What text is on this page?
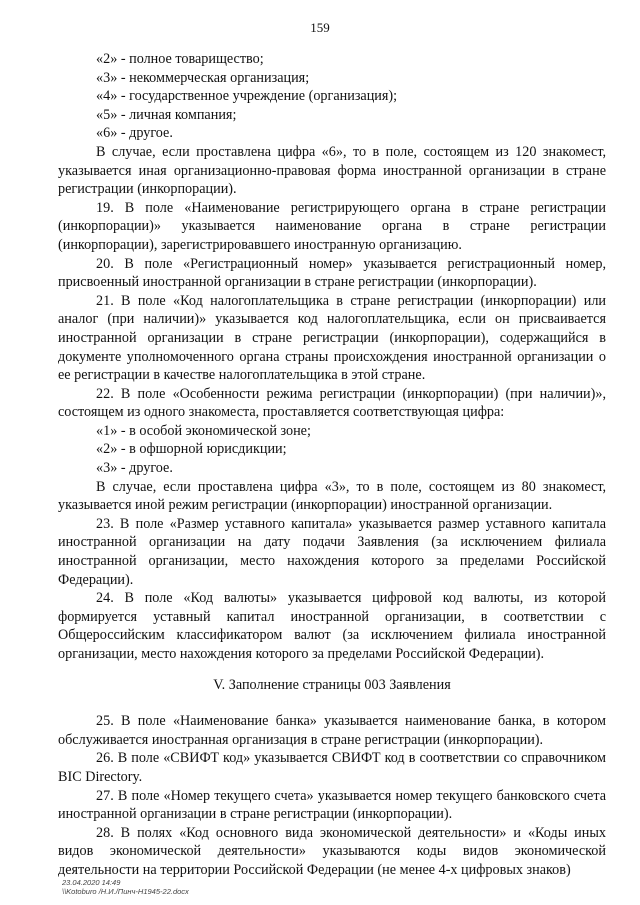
159

«2» - полное товарищество;

«3» - некоммерческая организация;

«4» - государственное учреждение (организация);

«5» - личная компания;

«6» - другое.

В случае, если проставлена цифра «6», то в поле, состоящем из 120 знакомест, указывается иная организационно-правовая форма иностранной организации в стране регистрации (инкорпорации).

19. В поле «Наименование регистрирующего органа в стране регистрации (инкорпорации)» указывается наименование органа в стране регистрации (инкорпорации), зарегистрировавшего иностранную организацию.

20. В поле «Регистрационный номер» указывается регистрационный номер, присвоенный иностранной организации в стране регистрации (инкорпорации).

21. В поле «Код налогоплательщика в стране регистрации (инкорпорации) или аналог (при наличии)» указывается код налогоплательщика, если он присваивается иностранной организации в стране регистрации (инкорпорации), содержащийся в документе уполномоченного органа страны происхождения иностранной организации о ее регистрации в качестве налогоплательщика в этой стране.

22. В поле «Особенности режима регистрации (инкорпорации) (при наличии)», состоящем из одного знакоместа, проставляется соответствующая цифра:

«1» - в особой экономической зоне;

«2» - в офшорной юрисдикции;

«3» - другое.

В случае, если проставлена цифра «3», то в поле, состоящем из 80 знакомест, указывается иной режим регистрации (инкорпорации) иностранной организации.

23. В поле «Размер уставного капитала» указывается размер уставного капитала иностранной организации на дату подачи Заявления (за исключением филиала иностранной организации, место нахождения которого за пределами Российской Федерации).

24. В поле «Код валюты» указывается цифровой код валюты, из которой формируется уставный капитал иностранной организации, в соответствии с Общероссийским классификатором валют (за исключением филиала иностранной организации, место нахождения которого за пределами Российской Федерации).

V. Заполнение страницы 003 Заявления

25. В поле «Наименование банка» указывается наименование банка, в котором обслуживается иностранная организация в стране регистрации (инкорпорации).

26. В поле «СВИФТ код» указывается СВИФТ код в соответствии со справочником BIC Directory.

27. В поле «Номер текущего счета» указывается номер текущего банковского счета иностранной организации в стране регистрации (инкорпорации).

28. В полях «Код основного вида экономической деятельности» и «Коды иных видов экономической деятельности» указываются коды видов экономической деятельности на территории Российской Федерации (не менее 4-х цифровых знаков)

23.04.2020 14:49
\\Kotoburo /Н.И./Пинч-Н1945-22.docx
